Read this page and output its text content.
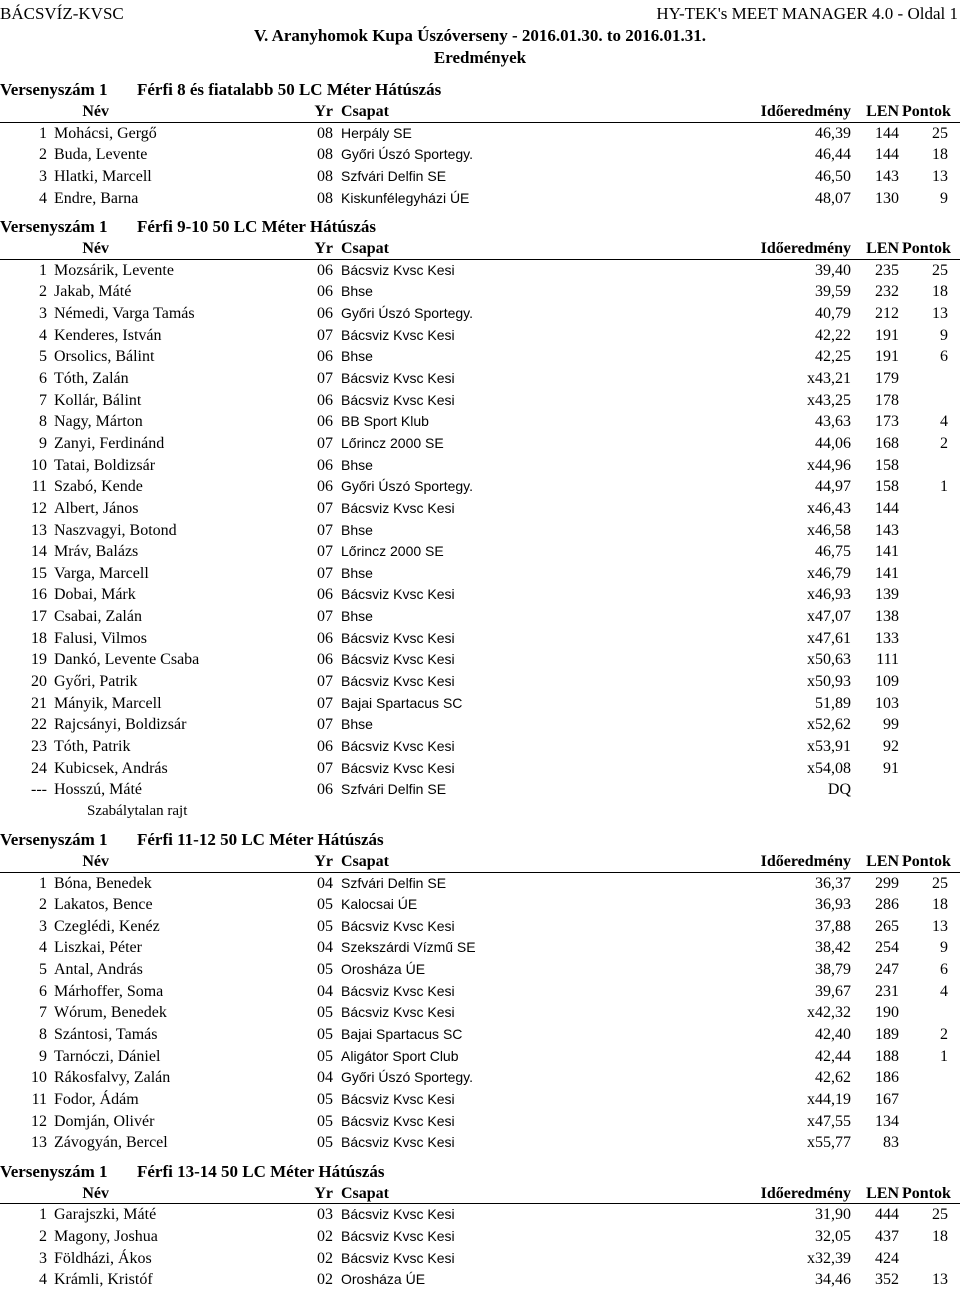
BÁCSVÍZ-KVSC	HY-TEK's MEET MANAGER 4.0 - Oldal 1
V. Aranyhomok Kupa Úszóverseny - 2016.01.30. to 2016.01.31.
Eredmények
Versenyszám 1 Férfi 8 és fiatalabb 50 LC Méter Hátúszás
Név	Yr Csapat	Időeredmény LEN Pontok
1 Mohácsi, Gergő	08 Herpály SE	46,39	144	25
2 Buda, Levente	08 Győri Úszó Sportegy.	46,44	144	18
3 Hlatki, Marcell	08 Szfvári Delfin SE	46,50	143	13
4 Endre, Barna	08 Kiskunfélegyházi ÚE	48,07	130	9
Versenyszám 1 Férfi 9-10 50 LC Méter Hátúszás
Név	Yr Csapat	Időeredmény LEN Pontok
1 Mozsárik, Levente	06 Bácsviz Kvsc Kesi	39,40	235	25
2 Jakab, Máté	06 Bhse	39,59	232	18
3 Némedi, Varga Tamás	06 Győri Úszó Sportegy.	40,79	212	13
4 Kenderes, István	07 Bácsviz Kvsc Kesi	42,22	191	9
5 Orsolics, Bálint	06 Bhse	42,25	191	6
6 Tóth, Zalán	07 Bácsviz Kvsc Kesi	x43,21	179
7 Kollár, Bálint	06 Bácsviz Kvsc Kesi	x43,25	178
8 Nagy, Márton	06 BB Sport Klub	43,63	173	4
9 Zanyi, Ferdinánd	07 Lőrincz 2000 SE	44,06	168	2
10 Tatai, Boldizsár	06 Bhse	x44,96	158
11 Szabó, Kende	06 Győri Úszó Sportegy.	44,97	158	1
12 Albert, János	07 Bácsviz Kvsc Kesi	x46,43	144
13 Naszvagyi, Botond	07 Bhse	x46,58	143
14 Mráv, Balázs	07 Lőrincz 2000 SE	46,75	141
15 Varga, Marcell	07 Bhse	x46,79	141
16 Dobai, Márk	06 Bácsviz Kvsc Kesi	x46,93	139
17 Csabai, Zalán	07 Bhse	x47,07	138
18 Falusi, Vilmos	06 Bácsviz Kvsc Kesi	x47,61	133
19 Dankó, Levente Csaba	06 Bácsviz Kvsc Kesi	x50,63	111
20 Győri, Patrik	07 Bácsviz Kvsc Kesi	x50,93	109
21 Mányik, Marcell	07 Bajai Spartacus SC	51,89	103
22 Rajcsányi, Boldizsár	07 Bhse	x52,62	99
23 Tóth, Patrik	06 Bácsviz Kvsc Kesi	x53,91	92
24 Kubicsek, András	07 Bácsviz Kvsc Kesi	x54,08	91
--- Hosszú, Máté	06 Szfvári Delfin SE	DQ
Szabálytalan rajt
Versenyszám 1 Férfi 11-12 50 LC Méter Hátúszás
Név	Yr Csapat	Időeredmény LEN Pontok
1 Bóna, Benedek	04 Szfvári Delfin SE	36,37	299	25
2 Lakatos, Bence	05 Kalocsai ÚE	36,93	286	18
3 Czeglédi, Kenéz	05 Bácsviz Kvsc Kesi	37,88	265	13
4 Liszkai, Péter	04 Szekszárdi Vízmű SE	38,42	254	9
5 Antal, András	05 Orosháza ÚE	38,79	247	6
6 Márhoffer, Soma	04 Bácsviz Kvsc Kesi	39,67	231	4
7 Wórum, Benedek	05 Bácsviz Kvsc Kesi	x42,32	190
8 Szántosi, Tamás	05 Bajai Spartacus SC	42,40	189	2
9 Tarnóczi, Dániel	05 Aligátor Sport Club	42,44	188	1
10 Rákosfalvy, Zalán	04 Győri Úszó Sportegy.	42,62	186
11 Fodor, Ádám	05 Bácsviz Kvsc Kesi	x44,19	167
12 Domján, Olivér	05 Bácsviz Kvsc Kesi	x47,55	134
13 Závogyán, Bercel	05 Bácsviz Kvsc Kesi	x55,77	83
Versenyszám 1 Férfi 13-14 50 LC Méter Hátúszás
Név	Yr Csapat	Időeredmény LEN Pontok
1 Garajszki, Máté	03 Bácsviz Kvsc Kesi	31,90	444	25
2 Magony, Joshua	02 Bácsviz Kvsc Kesi	32,05	437	18
3 Földházi, Ákos	02 Bácsviz Kvsc Kesi	x32,39	424
4 Krámli, Kristóf	02 Orosháza ÚE	34,46	352	13
